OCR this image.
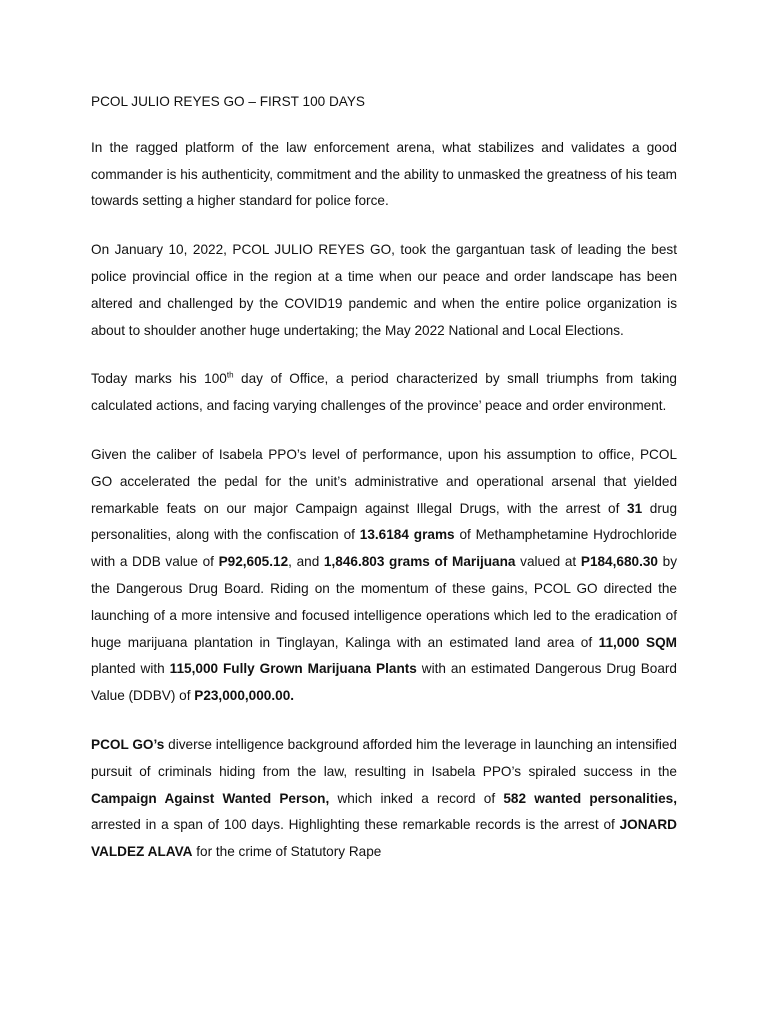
PCOL JULIO REYES GO – FIRST 100 DAYS

In the ragged platform of the law enforcement arena, what stabilizes and validates a good commander is his authenticity, commitment and the ability to unmasked the greatness of his team towards setting a higher standard for police force.

On January 10, 2022, PCOL JULIO REYES GO, took the gargantuan task of leading the best police provincial office in the region at a time when our peace and order landscape has been altered and challenged by the COVID19 pandemic and when the entire police organization is about to shoulder another huge undertaking; the May 2022 National and Local Elections.

Today marks his 100th day of Office, a period characterized by small triumphs from taking calculated actions, and facing varying challenges of the province’ peace and order environment.

Given the caliber of Isabela PPO’s level of performance, upon his assumption to office, PCOL GO accelerated the pedal for the unit’s administrative and operational arsenal that yielded remarkable feats on our major Campaign against Illegal Drugs, with the arrest of 31 drug personalities, along with the confiscation of 13.6184 grams of Methamphetamine Hydrochloride with a DDB value of P92,605.12, and 1,846.803 grams of Marijuana valued at P184,680.30 by the Dangerous Drug Board. Riding on the momentum of these gains, PCOL GO directed the launching of a more intensive and focused intelligence operations which led to the eradication of huge marijuana plantation in Tinglayan, Kalinga with an estimated land area of 11,000 SQM planted with 115,000 Fully Grown Marijuana Plants with an estimated Dangerous Drug Board Value (DDBV) of P23,000,000.00.

PCOL GO’s diverse intelligence background afforded him the leverage in launching an intensified pursuit of criminals hiding from the law, resulting in Isabela PPO’s spiraled success in the Campaign Against Wanted Person, which inked a record of 582 wanted personalities, arrested in a span of 100 days. Highlighting these remarkable records is the arrest of JONARD VALDEZ ALAVA for the crime of Statutory Rape
